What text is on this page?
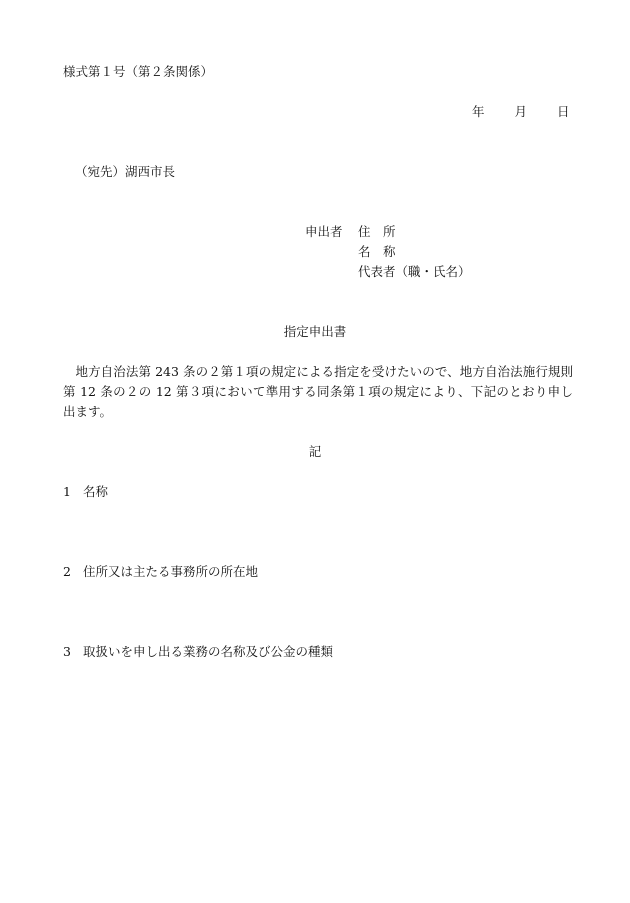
様式第１号（第２条関係）
年 月 日
（宛先）湖西市長
申出者 住　所
名　称
代表者（職・氏名）
指定申出書
地方自治法第 243 条の２第１項の規定による指定を受けたいので、地方自治法施行規則第 12 条の２の 12 第３項において準用する同条第１項の規定により、下記のとおり申し出ます。
記
1 名称
2 住所又は主たる事務所の所在地
3 取扱いを申し出る業務の名称及び公金の種類
